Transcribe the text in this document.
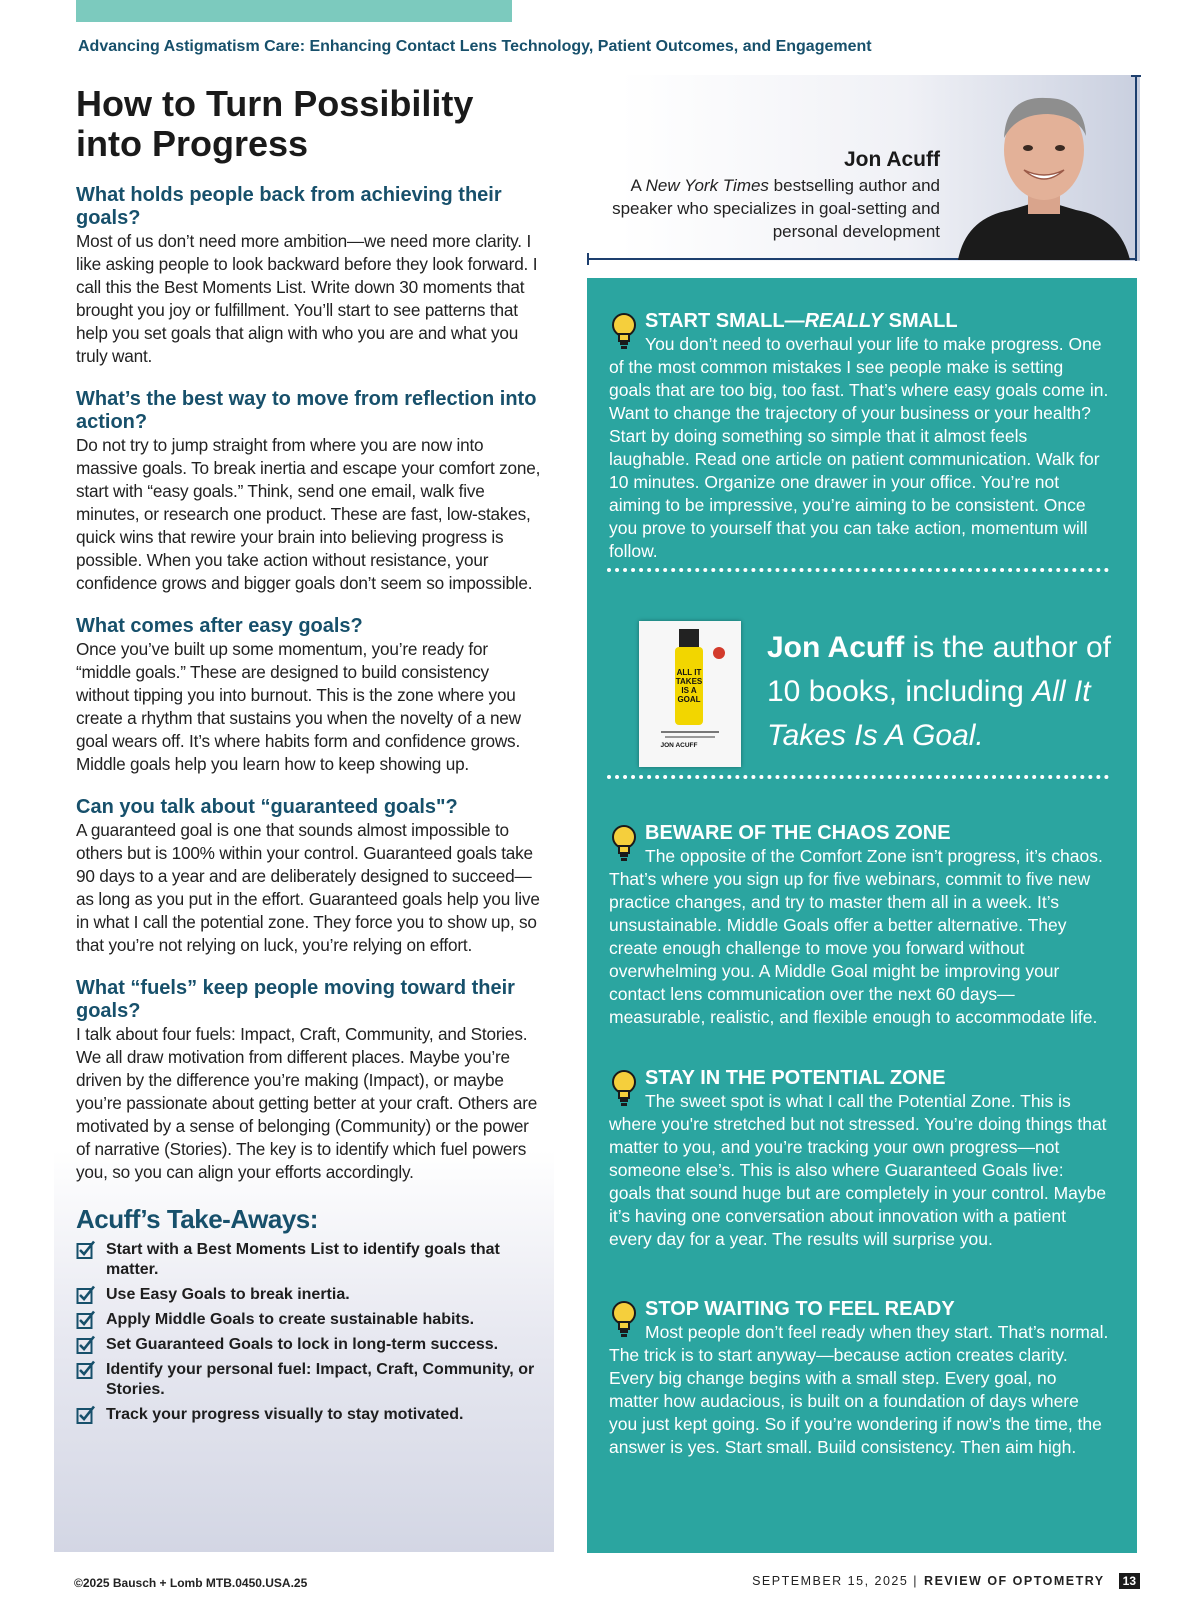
Advancing Astigmatism Care: Enhancing Contact Lens Technology, Patient Outcomes, and Engagement
How to Turn Possibility
into Progress
What holds people back from achieving their goals?

Most of us don’t need more ambition—we need more clarity. I like asking people to look backward before they look forward. I call this the Best Moments List. Write down 30 moments that brought you joy or fulfillment. You’ll start to see patterns that help you set goals that align with who you are and what you truly want.

What’s the best way to move from reflection into action?

Do not try to jump straight from where you are now into massive goals. To break inertia and escape your comfort zone, start with “easy goals.” Think, send one email, walk five minutes, or research one product. These are fast, low-stakes, quick wins that rewire your brain into believing progress is possible. When you take action without resistance, your confidence grows and bigger goals don’t seem so impossible.

What comes after easy goals?

Once you’ve built up some momentum, you’re ready for “middle goals.” These are designed to build consistency without tipping you into burnout. This is the zone where you create a rhythm that sustains you when the novelty of a new goal wears off. It’s where habits form and confidence grows. Middle goals help you learn how to keep showing up.

Can you talk about “guaranteed goals"?

A guaranteed goal is one that sounds almost impossible to others but is 100% within your control. Guaranteed goals take 90 days to a year and are deliberately designed to succeed—as long as you put in the effort. Guaranteed goals help you live in what I call the potential zone. They force you to show up, so that you’re not relying on luck, you’re relying on effort.

What “fuels” keep people moving toward their goals?

I talk about four fuels: Impact, Craft, Community, and Stories. We all draw motivation from different places. Maybe you’re driven by the difference you’re making (Impact), or maybe you’re passionate about getting better at your craft. Others are motivated by a sense of belonging (Community) or the power of narrative (Stories). The key is to identify which fuel powers you, so you can align your efforts accordingly.

Acuff’s Take-Aways:
Start with a Best Moments List to identify goals that matter.
Use Easy Goals to break inertia.
Apply Middle Goals to create sustainable habits.
Set Guaranteed Goals to lock in long-term success.
Identify your personal fuel: Impact, Craft, Community, or Stories.
Track your progress visually to stay motivated.
Jon Acuff
A New York Times bestselling author and speaker who specializes in goal-setting and personal development
START SMALL—REALLY SMALL

You don’t need to overhaul your life to make progress. One of the most common mistakes I see people make is setting goals that are too big, too fast. That’s where easy goals come in. Want to change the trajectory of your business or your health? Start by doing something so simple that it almost feels laughable. Read one article on patient communication. Walk for 10 minutes. Organize one drawer in your office. You’re not aiming to be impressive, you’re aiming to be consistent. Once you prove to yourself that you can take action, momentum will follow.

ALL IT
TAKES
IS A
GOAL
JON ACUFF
Jon Acuff is the author of 10 books, including All It Takes Is A Goal.
BEWARE OF THE CHAOS ZONE

The opposite of the Comfort Zone isn’t progress, it’s chaos. That’s where you sign up for five webinars, commit to five new practice changes, and try to master them all in a week. It’s unsustainable. Middle Goals offer a better alternative. They create enough challenge to move you forward without overwhelming you. A Middle Goal might be improving your contact lens communication over the next 60 days—measurable, realistic, and flexible enough to accommodate life.

STAY IN THE POTENTIAL ZONE

The sweet spot is what I call the Potential Zone. This is where you're stretched but not stressed. You’re doing things that matter to you, and you’re tracking your own progress—not someone else’s. This is also where Guaranteed Goals live: goals that sound huge but are completely in your control. Maybe it’s having one conversation about innovation with a patient every day for a year. The results will surprise you.

STOP WAITING TO FEEL READY

Most people don’t feel ready when they start. That’s normal. The trick is to start anyway—because action creates clarity. Every big change begins with a small step. Every goal, no matter how audacious, is built on a foundation of days where you just kept going. So if you’re wondering if now’s the time, the answer is yes. Start small. Build consistency. Then aim high.

©2025 Bausch + Lomb MTB.0450.USA.25	SEPTEMBER 15, 2025 | REVIEW OF OPTOMETRY	13
